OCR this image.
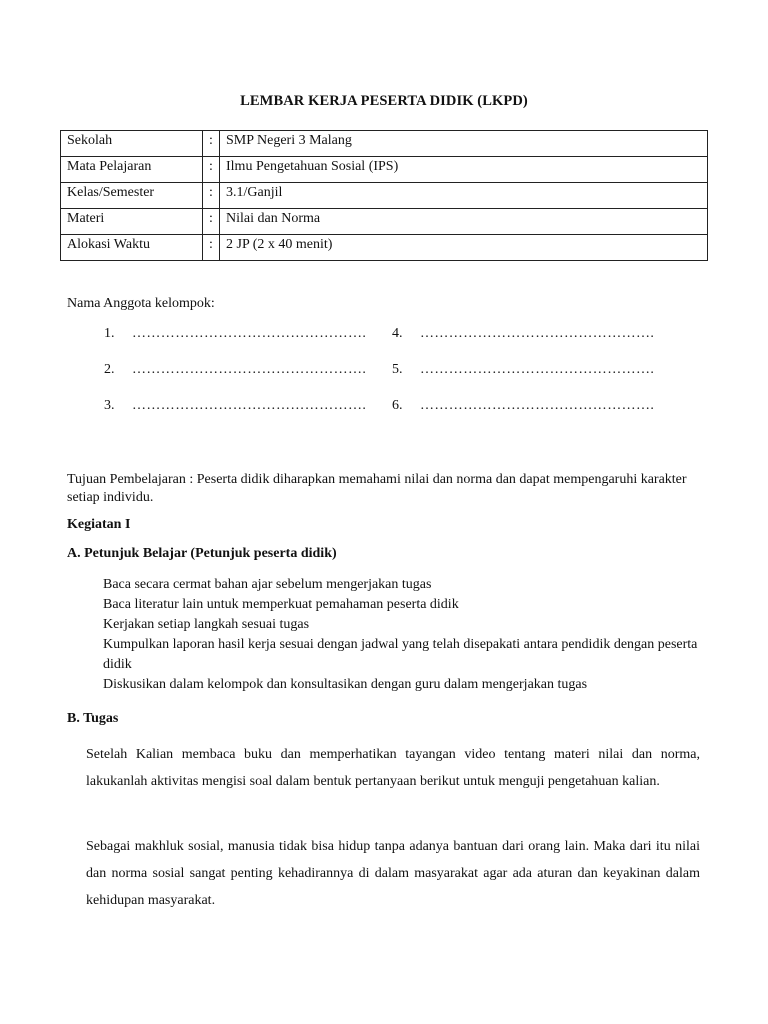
LEMBAR KERJA PESERTA DIDIK (LKPD)
Sekolah	:	SMP Negeri 3 Malang
Mata Pelajaran	:	Ilmu Pengetahuan Sosial (IPS)
Kelas/Semester	:	3.1/Ganjil
Materi	:	Nilai dan Norma
Alokasi Waktu	:	2 JP (2 x 40 menit)
Nama Anggota kelompok:
1. ………………………………………….
2. ………………………………………….
3. ………………………………………….
4. ………………………………………….
5. ………………………………………….
6. ………………………………………….
Tujuan Pembelajaran : Peserta didik diharapkan memahami nilai dan norma dan dapat mempengaruhi karakter setiap individu.
Kegiatan I
A. Petunjuk Belajar (Petunjuk peserta didik)
Baca secara cermat bahan ajar sebelum mengerjakan tugas
Baca literatur lain untuk memperkuat pemahaman peserta didik
Kerjakan setiap langkah sesuai tugas
Kumpulkan laporan hasil kerja sesuai dengan jadwal yang telah disepakati antara pendidik dengan peserta didik
Diskusikan dalam kelompok dan konsultasikan dengan guru dalam mengerjakan tugas
B. Tugas
Setelah Kalian membaca buku dan memperhatikan tayangan video tentang materi nilai dan norma, lakukanlah aktivitas mengisi soal dalam bentuk pertanyaan berikut untuk menguji pengetahuan kalian.
Sebagai makhluk sosial, manusia tidak bisa hidup tanpa adanya bantuan dari orang lain. Maka dari itu nilai dan norma sosial sangat penting kehadirannya di dalam masyarakat agar ada aturan dan keyakinan dalam kehidupan masyarakat.
